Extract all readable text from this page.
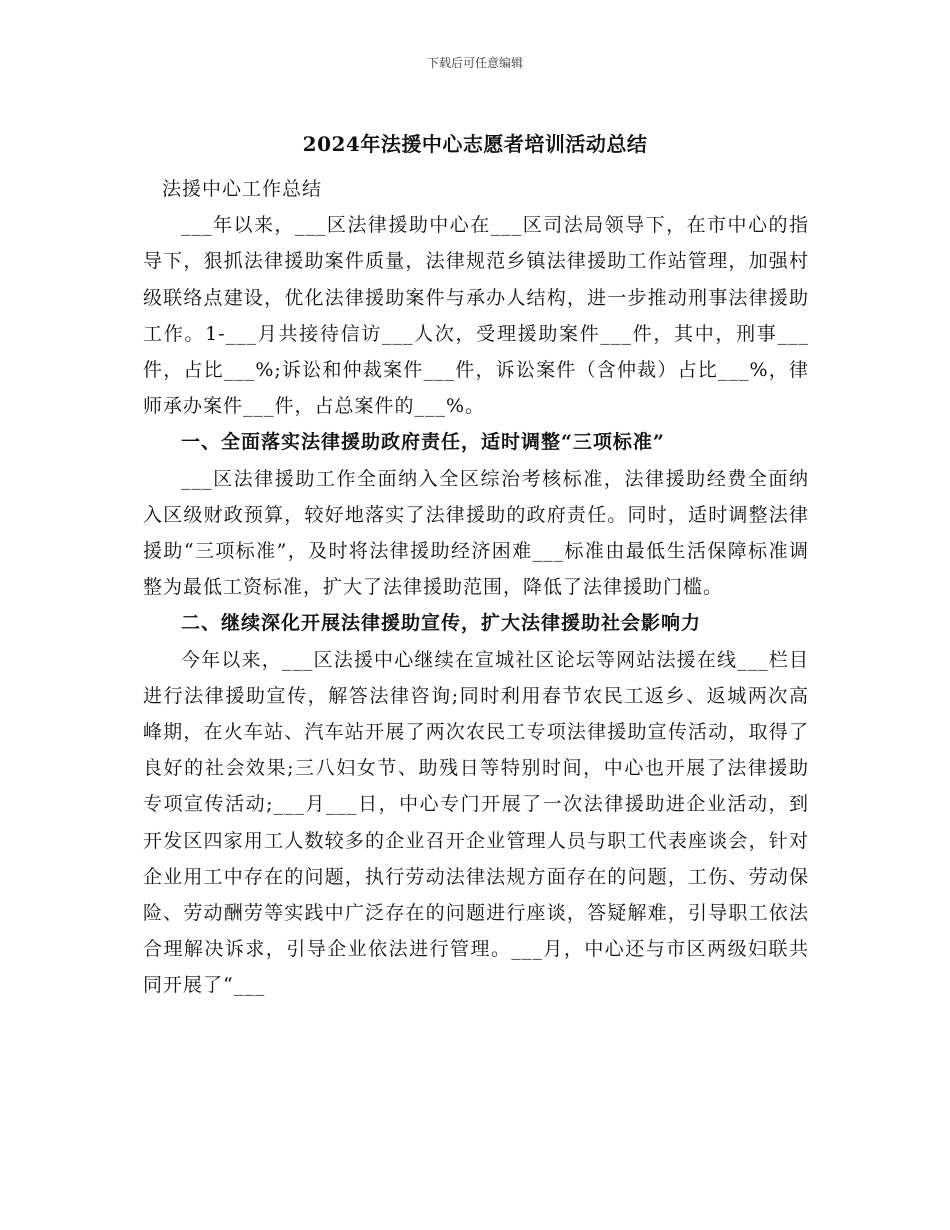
下载后可任意编辑
2024年法援中心志愿者培训活动总结

法援中心工作总结

___年以来，___区法律援助中心在___区司法局领导下，在市中心的指导下，狠抓法律援助案件质量，法律规范乡镇法律援助工作站管理，加强村级联络点建设，优化法律援助案件与承办人结构，进一步推动刑事法律援助工作。1-___月共接待信访___人次，受理援助案件___件，其中，刑事___件，占比___%;诉讼和仲裁案件___件，诉讼案件（含仲裁）占比___%，律师承办案件___件，占总案件的___%。

一、全面落实法律援助政府责任，适时调整“三项标准”

___区法律援助工作全面纳入全区综治考核标准，法律援助经费全面纳入区级财政预算，较好地落实了法律援助的政府责任。同时，适时调整法律援助“三项标准”，及时将法律援助经济困难___标准由最低生活保障标准调整为最低工资标准，扩大了法律援助范围，降低了法律援助门槛。

二、继续深化开展法律援助宣传，扩大法律援助社会影响力

今年以来，___区法援中心继续在宣城社区论坛等网站法援在线___栏目进行法律援助宣传，解答法律咨询;同时利用春节农民工返乡、返城两次高峰期，在火车站、汽车站开展了两次农民工专项法律援助宣传活动，取得了良好的社会效果;三八妇女节、助残日等特别时间，中心也开展了法律援助专项宣传活动;___月___日，中心专门开展了一次法律援助进企业活动，到开发区四家用工人数较多的企业召开企业管理人员与职工代表座谈会，针对企业用工中存在的问题，执行劳动法律法规方面存在的问题，工伤、劳动保险、劳动酬劳等实践中广泛存在的问题进行座谈，答疑解难，引导职工依法合理解决诉求，引导企业依法进行管理。___月，中心还与市区两级妇联共同开展了“___
